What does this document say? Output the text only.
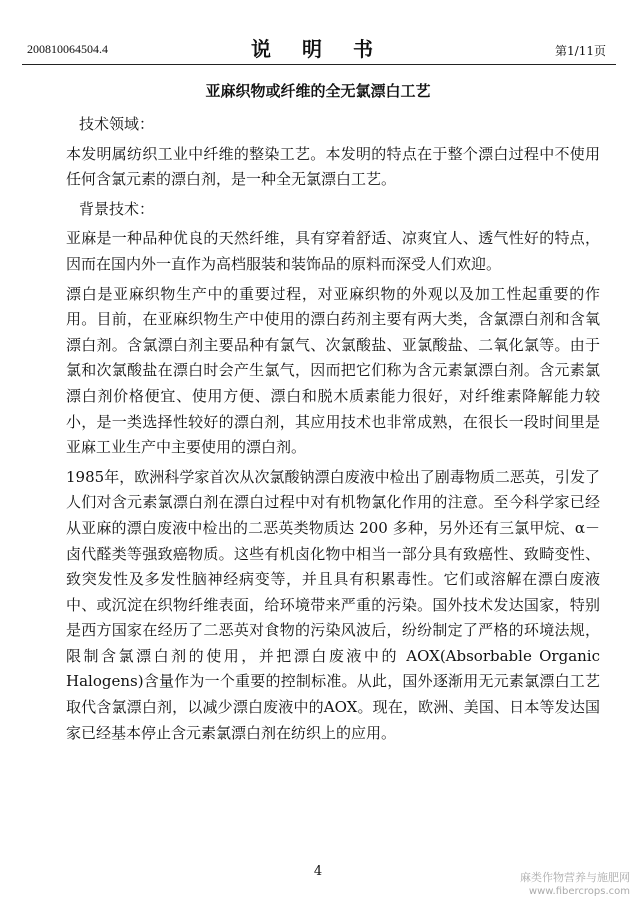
200810064504.4	说 明 书	第1/11页
亚麻织物或纤维的全无氯漂白工艺

技术领域：

本发明属纺织工业中纤维的整染工艺。本发明的特点在于整个漂白过程中不使用任何含氯元素的漂白剂，是一种全无氯漂白工艺。

背景技术：

亚麻是一种品种优良的天然纤维，具有穿着舒适、凉爽宜人、透气性好的特点，因而在国内外一直作为高档服装和装饰品的原料而深受人们欢迎。

漂白是亚麻织物生产中的重要过程，对亚麻织物的外观以及加工性起重要的作用。目前，在亚麻织物生产中使用的漂白药剂主要有两大类，含氯漂白剂和含氧漂白剂。含氯漂白剂主要品种有氯气、次氯酸盐、亚氯酸盐、二氧化氯等。由于氯和次氯酸盐在漂白时会产生氯气，因而把它们称为含元素氯漂白剂。含元素氯漂白剂价格便宜、使用方便、漂白和脱木质素能力很好，对纤维素降解能力较小，是一类选择性较好的漂白剂，其应用技术也非常成熟，在很长一段时间里是亚麻工业生产中主要使用的漂白剂。

1985年，欧洲科学家首次从次氯酸钠漂白废液中检出了剧毒物质二恶英，引发了人们对含元素氯漂白剂在漂白过程中对有机物氯化作用的注意。至今科学家已经从亚麻的漂白废液中检出的二恶英类物质达 200 多种，另外还有三氯甲烷、α－卤代醛类等强致癌物质。这些有机卤化物中相当一部分具有致癌性、致畸变性、致突发性及多发性脑神经病变等，并且具有积累毒性。它们或溶解在漂白废液中、或沉淀在织物纤维表面，给环境带来严重的污染。国外技术发达国家，特别是西方国家在经历了二恶英对食物的污染风波后，纷纷制定了严格的环境法规，限制含氯漂白剂的使用，并把漂白废液中的 AOX(Absorbable Organic Halogens)含量作为一个重要的控制标准。从此，国外逐渐用无元素氯漂白工艺取代含氯漂白剂，以减少漂白废液中的AOX。现在，欧洲、美国、日本等发达国家已经基本停止含元素氯漂白剂在纺织上的应用。

4	麻类作物营养与施肥网
www.fibercrops.com
